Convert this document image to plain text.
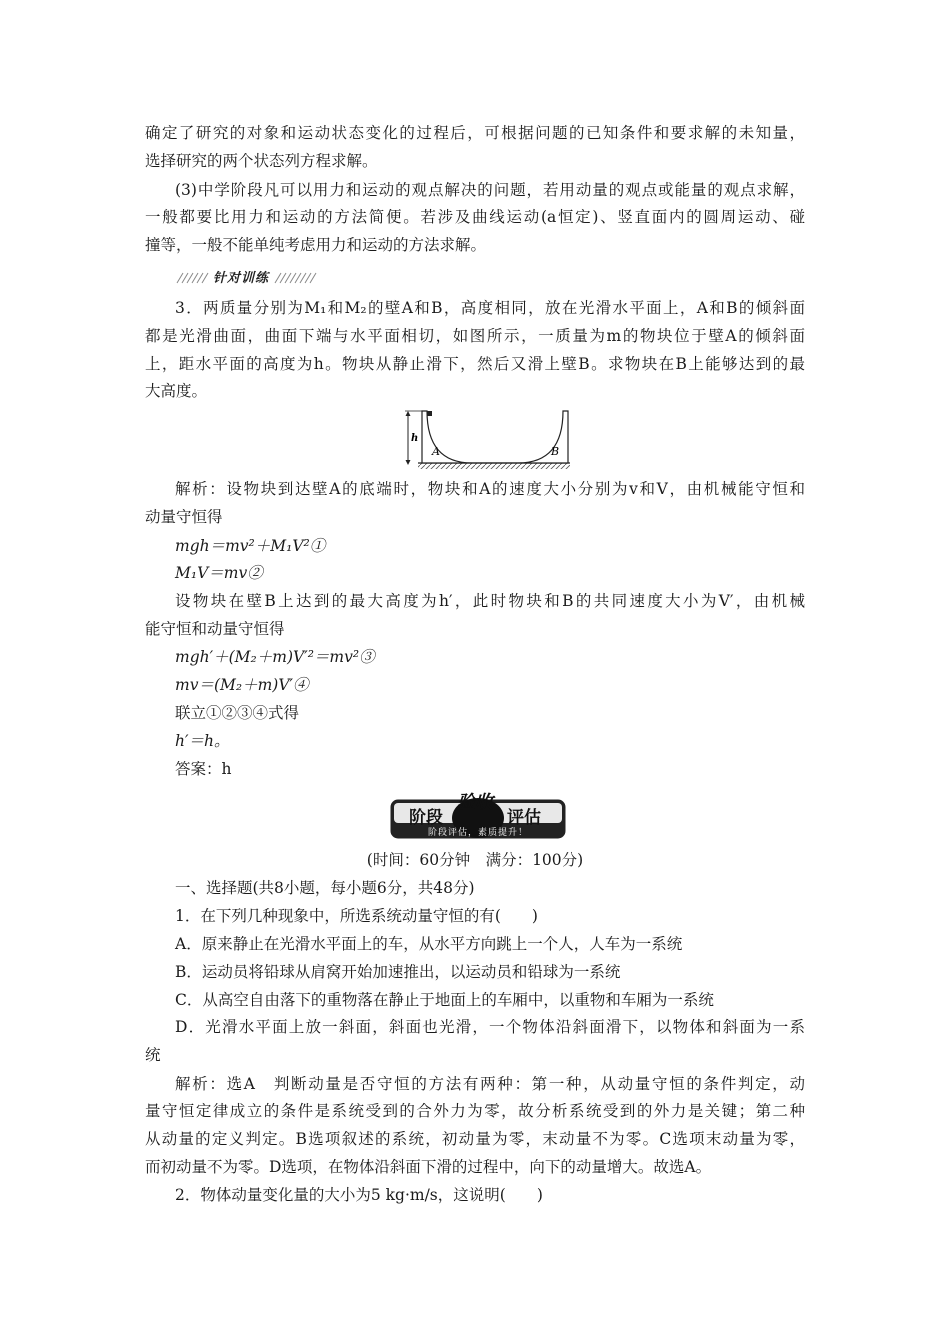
确定了研究的对象和运动状态变化的过程后，可根据问题的已知条件和要求解的未知量，
选择研究的两个状态列方程求解。
(3)中学阶段凡可以用力和运动的观点解决的问题，若用动量的观点或能量的观点求解，
一般都要比用力和运动的方法简便。若涉及曲线运动(a恒定)、竖直面内的圆周运动、碰
撞等，一般不能单纯考虑用力和运动的方法求解。
针对训练
3．两质量分别为M₁和M₂的壁A和B，高度相同，放在光滑水平面上，A和B的倾斜面
都是光滑曲面，曲面下端与水平面相切，如图所示，一质量为m的物块位于壁A的倾斜面
上，距水平面的高度为h。物块从静止滑下，然后又滑上壁B。求物块在B上能够达到的最
大高度。
h
A	B
解析：设物块到达壁A的底端时，物块和A的速度大小分别为v和V，由机械能守恒和
动量守恒得
mgh＝mv²＋M₁V²①
M₁V＝mv②
设物块在壁B上达到的最大高度为h′，此时物块和B的共同速度大小为V′，由机械
能守恒和动量守恒得
mgh′＋(M₂＋m)V′²＝mv²③
mv＝(M₂＋m)V′④
联立①②③④式得
h′＝h。
答案：h
阶段
验收
评估
阶段评估，素质提升！
(时间：60分钟　满分：100分)
一、选择题(共8小题，每小题6分，共48分)
1．在下列几种现象中，所选系统动量守恒的有(　　)
A．原来静止在光滑水平面上的车，从水平方向跳上一个人，人车为一系统
B．运动员将铅球从肩窝开始加速推出，以运动员和铅球为一系统
C．从高空自由落下的重物落在静止于地面上的车厢中，以重物和车厢为一系统
D．光滑水平面上放一斜面，斜面也光滑，一个物体沿斜面滑下，以物体和斜面为一系
统
解析：选A　判断动量是否守恒的方法有两种：第一种，从动量守恒的条件判定，动
量守恒定律成立的条件是系统受到的合外力为零，故分析系统受到的外力是关键；第二种
从动量的定义判定。B选项叙述的系统，初动量为零，末动量不为零。C选项末动量为零，
而初动量不为零。D选项，在物体沿斜面下滑的过程中，向下的动量增大。故选A。
2．物体动量变化量的大小为5 kg·m/s，这说明(　　)
